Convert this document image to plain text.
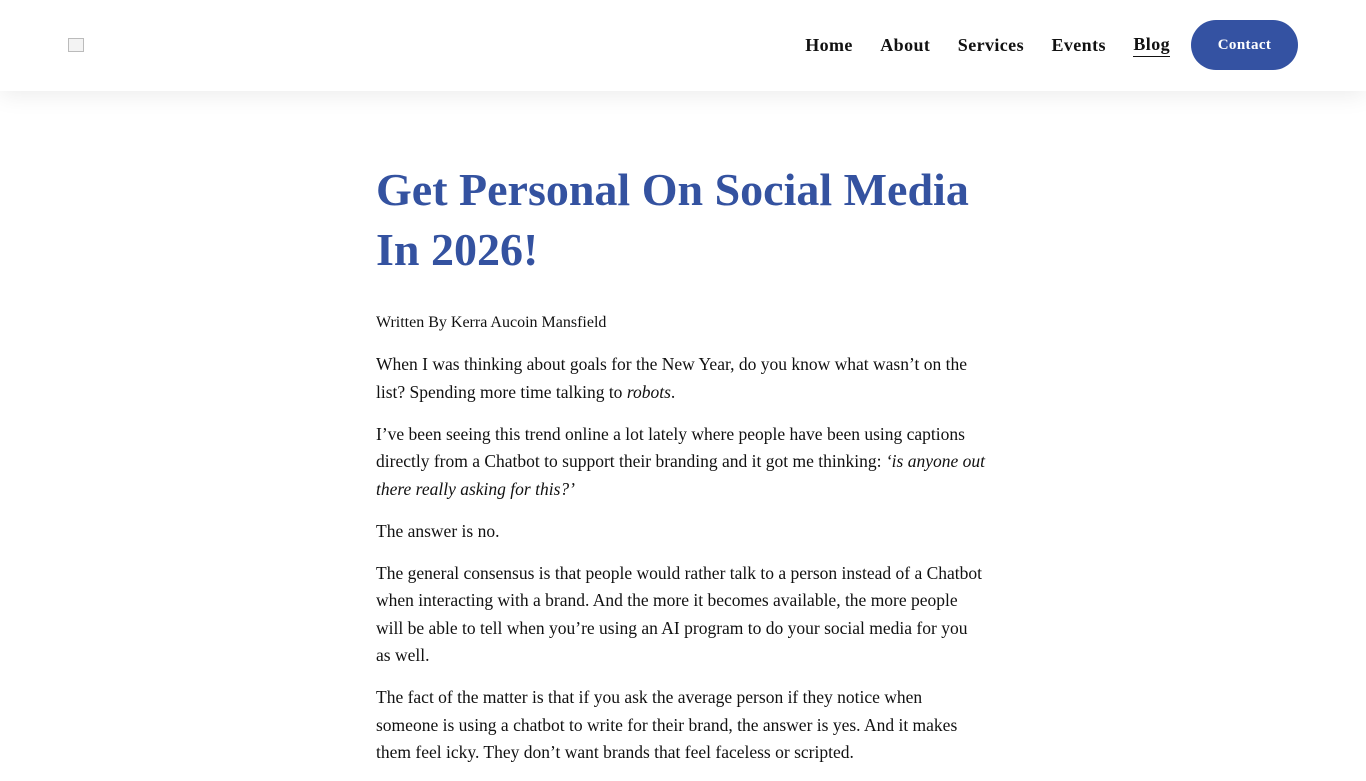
Home About Services Events Blog	Contact
Get Personal On Social Media In 2026!
Written By Kerra Aucoin Mansfield

When I was thinking about goals for the New Year, do you know what wasn’t on the list? Spending more time talking to robots.

I’ve been seeing this trend online a lot lately where people have been using captions directly from a Chatbot to support their branding and it got me thinking: ‘is anyone out there really asking for this?’

The answer is no.

The general consensus is that people would rather talk to a person instead of a Chatbot when interacting with a brand. And the more it becomes available, the more people will be able to tell when you’re using an AI program to do your social media for you as well.

The fact of the matter is that if you ask the average person if they notice when someone is using a chatbot to write for their brand, the answer is yes. And it makes them feel icky. They don’t want brands that feel faceless or scripted.
